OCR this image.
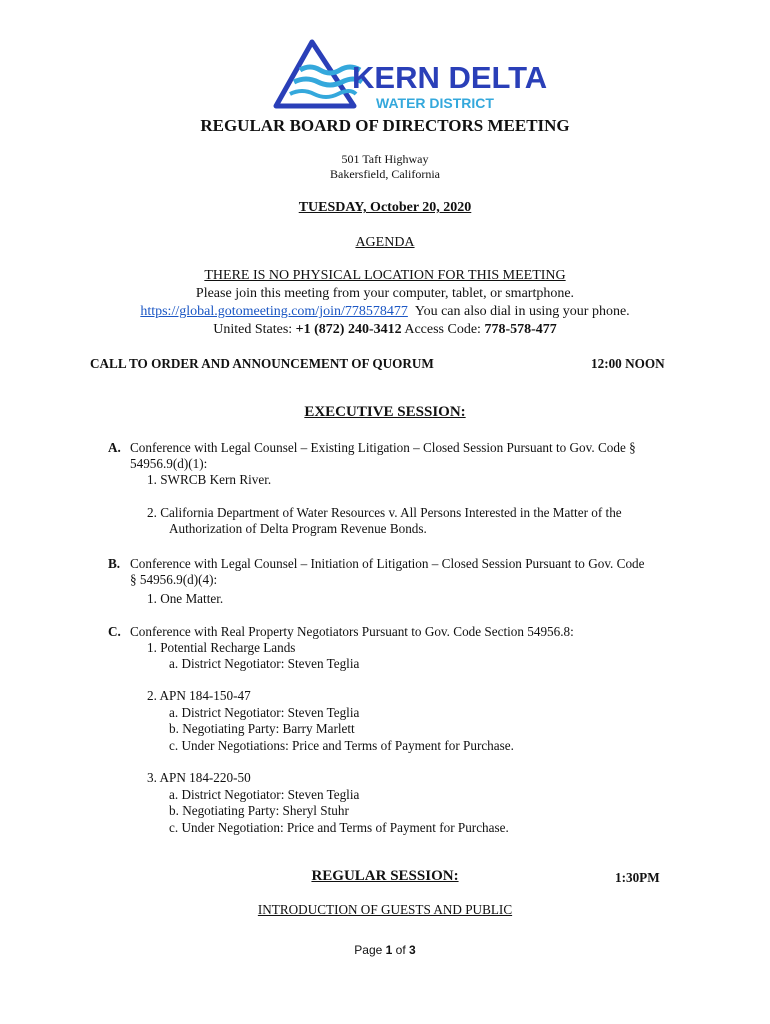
KERN DELTA
WATER DISTRICT
REGULAR BOARD OF DIRECTORS MEETING
501 Taft Highway
Bakersfield, California
TUESDAY, October 20, 2020
AGENDA
THERE IS NO PHYSICAL LOCATION FOR THIS MEETING
Please join this meeting from your computer, tablet, or smartphone.
https://global.gotomeeting.com/join/778578477 You can also dial in using your phone.
United States: +1 (872) 240-3412 Access Code: 778-578-477
CALL TO ORDER AND ANNOUNCEMENT OF QUORUM	12:00 NOON
EXECUTIVE SESSION:
A. Conference with Legal Counsel – Existing Litigation – Closed Session Pursuant to Gov. Code §
54956.9(d)(1):
1. SWRCB Kern River.
2. California Department of Water Resources v. All Persons Interested in the Matter of the
Authorization of Delta Program Revenue Bonds.
B. Conference with Legal Counsel – Initiation of Litigation – Closed Session Pursuant to Gov. Code
§ 54956.9(d)(4):
1. One Matter.
C. Conference with Real Property Negotiators Pursuant to Gov. Code Section 54956.8:
1. Potential Recharge Lands
a. District Negotiator: Steven Teglia
2. APN 184-150-47
a. District Negotiator: Steven Teglia
b. Negotiating Party: Barry Marlett
c. Under Negotiations: Price and Terms of Payment for Purchase.
3. APN 184-220-50
a. District Negotiator: Steven Teglia
b. Negotiating Party: Sheryl Stuhr
c. Under Negotiation: Price and Terms of Payment for Purchase.
REGULAR SESSION:	1:30PM
INTRODUCTION OF GUESTS AND PUBLIC
Page 1 of 3
